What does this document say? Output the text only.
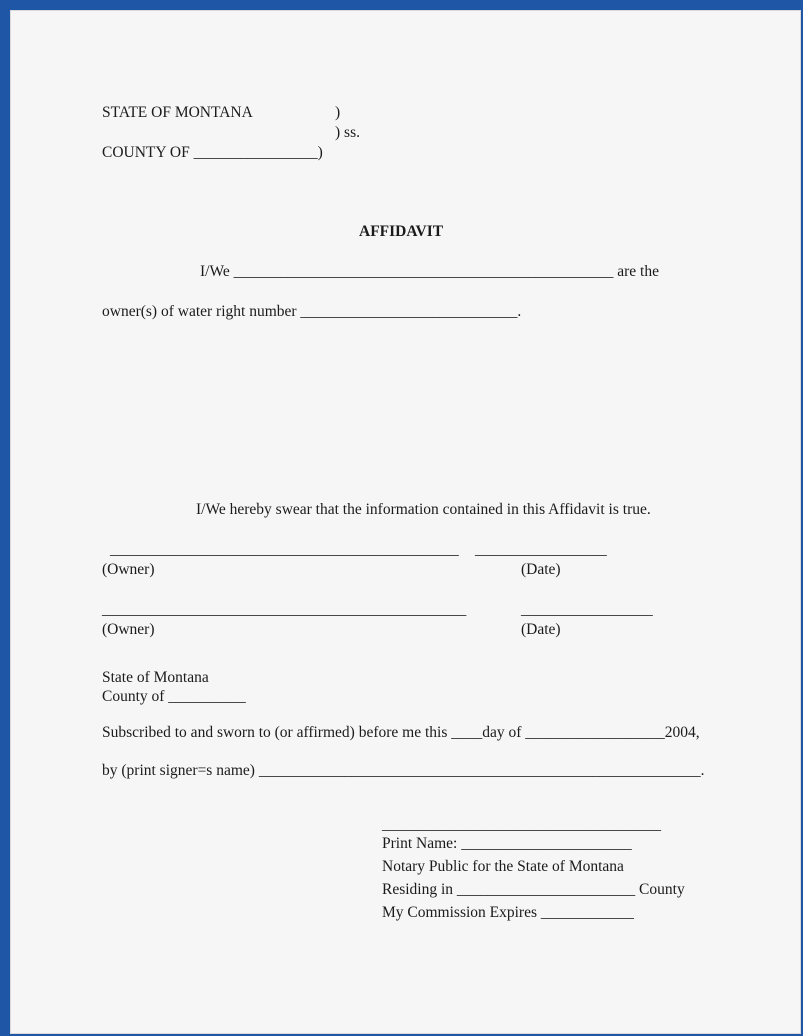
STATE OF MONTANA	)
) ss.
COUNTY OF ________________)
AFFIDAVIT
I/We _________________________________________________ are the
owner(s) of water right number ____________________________.
I/We hereby swear that the information contained in this Affidavit is true.
_____________________________________________ _________________
(Owner)	(Date)
_______________________________________________	_________________
(Owner)	(Date)
State of Montana
County of __________
Subscribed to and sworn to (or affirmed) before me this ____day of __________________2004,
by (print signer=s name) _________________________________________________________.
____________________________________
Print Name: ______________________
Notary Public for the State of Montana
Residing in _______________________ County
My Commission Expires ____________
